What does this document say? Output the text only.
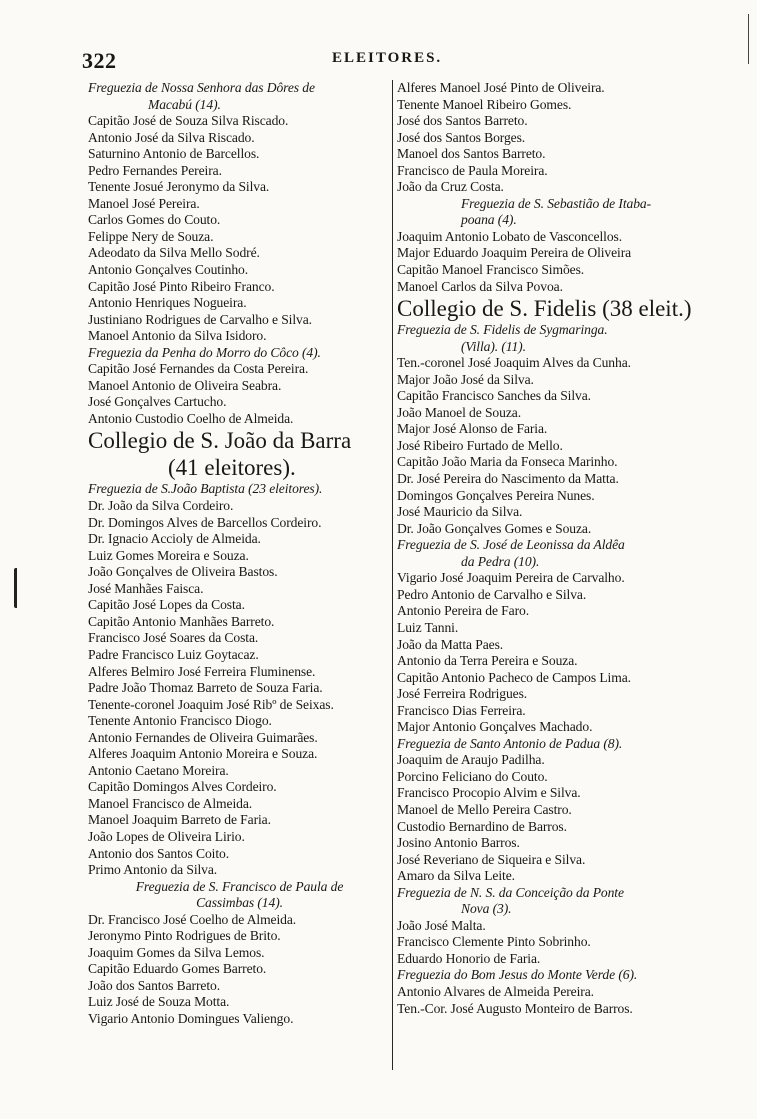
322	ELEITORES.
Freguezia de Nossa Senhora das Dôres de
Macabú (14).
Capitão José de Souza Silva Riscado.
Antonio José da Silva Riscado.
Saturnino Antonio de Barcellos.
Pedro Fernandes Pereira.
Tenente Josué Jeronymo da Silva.
Manoel José Pereira.
Carlos Gomes do Couto.
Felippe Nery de Souza.
Adeodato da Silva Mello Sodré.
Antonio Gonçalves Coutinho.
Capitão José Pinto Ribeiro Franco.
Antonio Henriques Nogueira.
Justiniano Rodrigues de Carvalho e Silva.
Manoel Antonio da Silva Isidoro.
Freguezia da Penha do Morro do Côco (4).
Capitão José Fernandes da Costa Pereira.
Manoel Antonio de Oliveira Seabra.
José Gonçalves Cartucho.
Antonio Custodio Coelho de Almeida.
Collegio de S. João da Barra
(41 eleitores).
Freguezia de S.João Baptista (23 eleitores).
Dr. João da Silva Cordeiro.
Dr. Domingos Alves de Barcellos Cordeiro.
Dr. Ignacio Accioly de Almeida.
Luiz Gomes Moreira e Souza.
João Gonçalves de Oliveira Bastos.
José Manhães Faisca.
Capitão José Lopes da Costa.
Capitão Antonio Manhães Barreto.
Francisco José Soares da Costa.
Padre Francisco Luiz Goytacaz.
Alferes Belmiro José Ferreira Fluminense.
Padre João Thomaz Barreto de Souza Faria.
Tenente-coronel Joaquim José Ribº de Seixas.
Tenente Antonio Francisco Diogo.
Antonio Fernandes de Oliveira Guimarães.
Alferes Joaquim Antonio Moreira e Souza.
Antonio Caetano Moreira.
Capitão Domingos Alves Cordeiro.
Manoel Francisco de Almeida.
Manoel Joaquim Barreto de Faria.
João Lopes de Oliveira Lirio.
Antonio dos Santos Coito.
Primo Antonio da Silva.
Freguezia de S. Francisco de Paula de
Cassimbas (14).
Dr. Francisco José Coelho de Almeida.
Jeronymo Pinto Rodrigues de Brito.
Joaquim Gomes da Silva Lemos.
Capitão Eduardo Gomes Barreto.
João dos Santos Barreto.
Luiz José de Souza Motta.
Vigario Antonio Domingues Valiengo.
Alferes Manoel José Pinto de Oliveira.
Tenente Manoel Ribeiro Gomes.
José dos Santos Barreto.
José dos Santos Borges.
Manoel dos Santos Barreto.
Francisco de Paula Moreira.
João da Cruz Costa.
Freguezia de S. Sebastião de Itaba-
poana (4).
Joaquim Antonio Lobato de Vasconcellos.
Major Eduardo Joaquim Pereira de Oliveira
Capitão Manoel Francisco Simões.
Manoel Carlos da Silva Povoa.
Collegio de S. Fidelis (38 eleit.)
Freguezia de S. Fidelis de Sygmaringa.
(Villa). (11).
Ten.-coronel José Joaquim Alves da Cunha.
Major João José da Silva.
Capitão Francisco Sanches da Silva.
João Manoel de Souza.
Major José Alonso de Faria.
José Ribeiro Furtado de Mello.
Capitão João Maria da Fonseca Marinho.
Dr. José Pereira do Nascimento da Matta.
Domingos Gonçalves Pereira Nunes.
José Mauricio da Silva.
Dr. João Gonçalves Gomes e Souza.
Freguezia de S. José de Leonissa da Aldêa
da Pedra (10).
Vigario José Joaquim Pereira de Carvalho.
Pedro Antonio de Carvalho e Silva.
Antonio Pereira de Faro.
Luiz Tanni.
João da Matta Paes.
Antonio da Terra Pereira e Souza.
Capitão Antonio Pacheco de Campos Lima.
José Ferreira Rodrigues.
Francisco Dias Ferreira.
Major Antonio Gonçalves Machado.
Freguezia de Santo Antonio de Padua (8).
Joaquim de Araujo Padilha.
Porcino Feliciano do Couto.
Francisco Procopio Alvim e Silva.
Manoel de Mello Pereira Castro.
Custodio Bernardino de Barros.
Josino Antonio Barros.
José Reveriano de Siqueira e Silva.
Amaro da Silva Leite.
Freguezia de N. S. da Conceição da Ponte
Nova (3).
João José Malta.
Francisco Clemente Pinto Sobrinho.
Eduardo Honorio de Faria.
Freguezia do Bom Jesus do Monte Verde (6).
Antonio Alvares de Almeida Pereira.
Ten.-Cor. José Augusto Monteiro de Barros.
